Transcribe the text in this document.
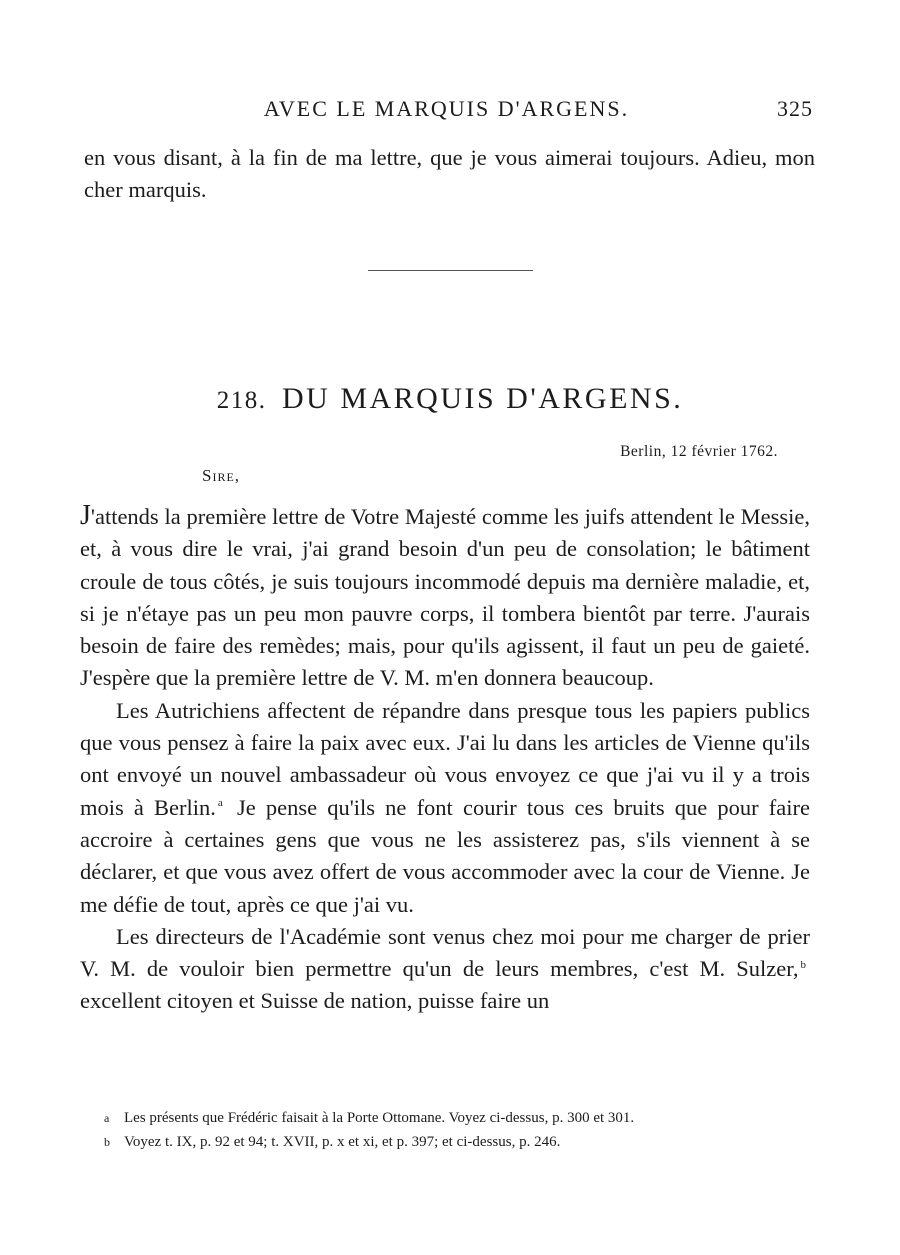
AVEC LE MARQUIS D'ARGENS.	325

en vous disant, à la fin de ma lettre, que je vous aimerai toujours. Adieu, mon cher marquis.

218. DU MARQUIS D'ARGENS.
Berlin, 12 février 1762.
Sire,

J'attends la première lettre de Votre Majesté comme les juifs attendent le Messie, et, à vous dire le vrai, j'ai grand besoin d'un peu de consolation; le bâtiment croule de tous côtés, je suis toujours incommodé depuis ma dernière maladie, et, si je n'étaye pas un peu mon pauvre corps, il tombera bientôt par terre. J'aurais besoin de faire des remèdes; mais, pour qu'ils agissent, il faut un peu de gaieté. J'espère que la première lettre de V. M. m'en donnera beaucoup.

Les Autrichiens affectent de répandre dans presque tous les papiers publics que vous pensez à faire la paix avec eux. J'ai lu dans les articles de Vienne qu'ils ont envoyé un nouvel ambassadeur où vous envoyez ce que j'ai vu il y a trois mois à Berlin. $^a$ Je pense qu'ils ne font courir tous ces bruits que pour faire accroire à certaines gens que vous ne les assisterez pas, s'ils viennent à se déclarer, et que vous avez offert de vous accommoder avec la cour de Vienne. Je me défie de tout, après ce que j'ai vu.

Les directeurs de l'Académie sont venus chez moi pour me charger de prier V. M. de vouloir bien permettre qu'un de leurs membres, c'est M. Sulzer, $^b$ excellent citoyen et Suisse de nation, puisse faire un

a Les présents que Frédéric faisait à la Porte Ottomane. Voyez ci-dessus, p. 300 et 301.
b Voyez t. IX, p. 92 et 94; t. XVII, p. x et xi, et p. 397; et ci-dessus, p. 246.
